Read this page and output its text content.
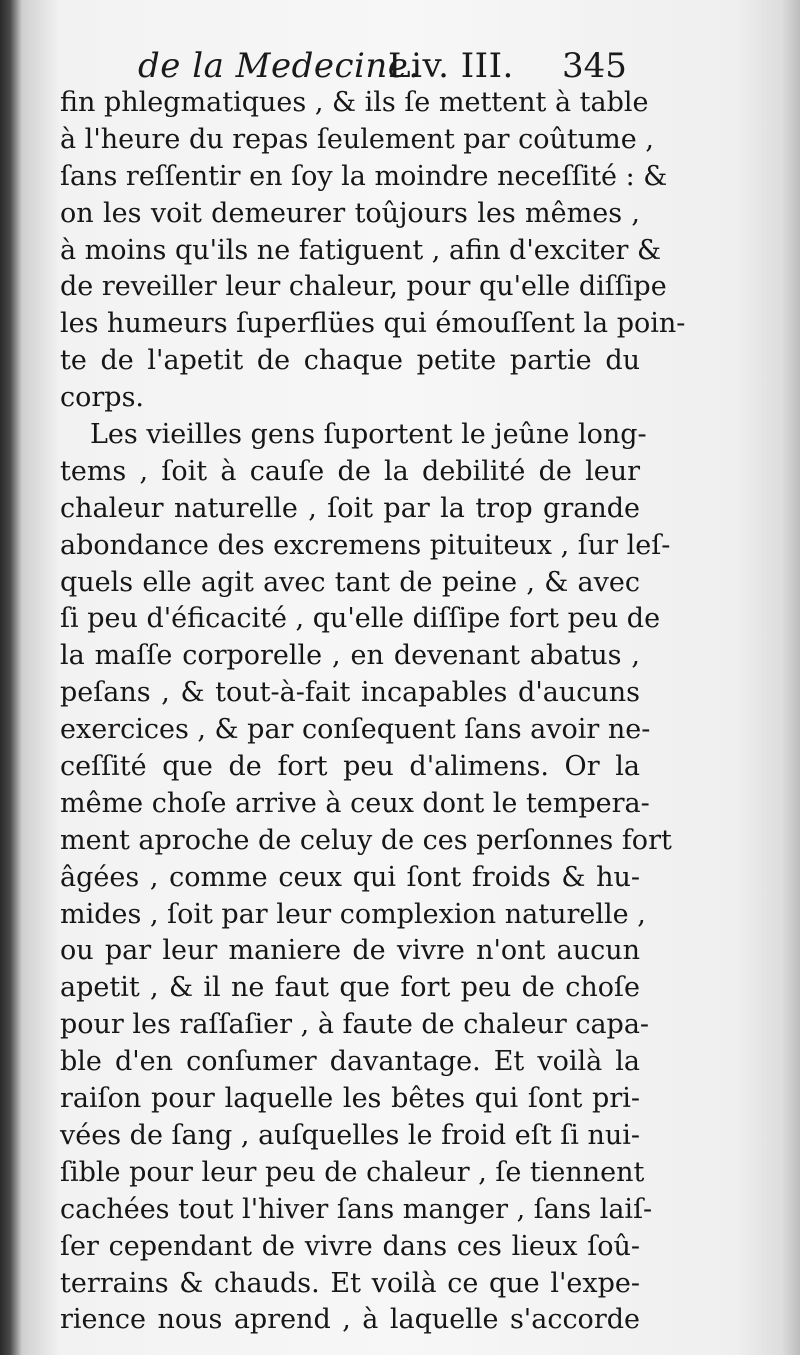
de la Medecine.
Liv. III. 345
fin phlegmatiques , & ils ſe mettent à table
à l'heure du repas ſeulement par coûtume ,
ſans reſſentir en ſoy la moindre neceſſité : &
on les voit demeurer toûjours les mêmes ,
à moins qu'ils ne fatiguent , afin d'exciter &
de reveiller leur chaleur, pour qu'elle diſſipe
les humeurs ſuperflües qui émouſſent la poin-
te de l'apetit de chaque petite partie du
corps.
Les vieilles gens ſuportent le jeûne long-
tems , ſoit à cauſe de la debilité de leur
chaleur naturelle , ſoit par la trop grande
abondance des excremens pituiteux , ſur leſ-
quels elle agit avec tant de peine , & avec
ſi peu d'éficacité , qu'elle diſſipe fort peu de
la maſſe corporelle , en devenant abatus ,
peſans , & tout-à-fait incapables d'aucuns
exercices , & par conſequent ſans avoir ne-
ceſſité que de fort peu d'alimens. Or la
même choſe arrive à ceux dont le tempera-
ment aproche de celuy de ces perſonnes fort
âgées , comme ceux qui ſont froids & hu-
mides , ſoit par leur complexion naturelle ,
ou par leur maniere de vivre n'ont aucun
apetit , & il ne faut que fort peu de choſe
pour les raſſaſier , à faute de chaleur capa-
ble d'en conſumer davantage. Et voilà la
raiſon pour laquelle les bêtes qui ſont pri-
vées de ſang , auſquelles le froid eſt ſi nui-
ſible pour leur peu de chaleur , ſe tiennent
cachées tout l'hiver ſans manger , ſans laiſ-
ſer cependant de vivre dans ces lieux ſoû-
terrains & chauds. Et voilà ce que l'expe-
rience nous aprend , à laquelle s'accorde
